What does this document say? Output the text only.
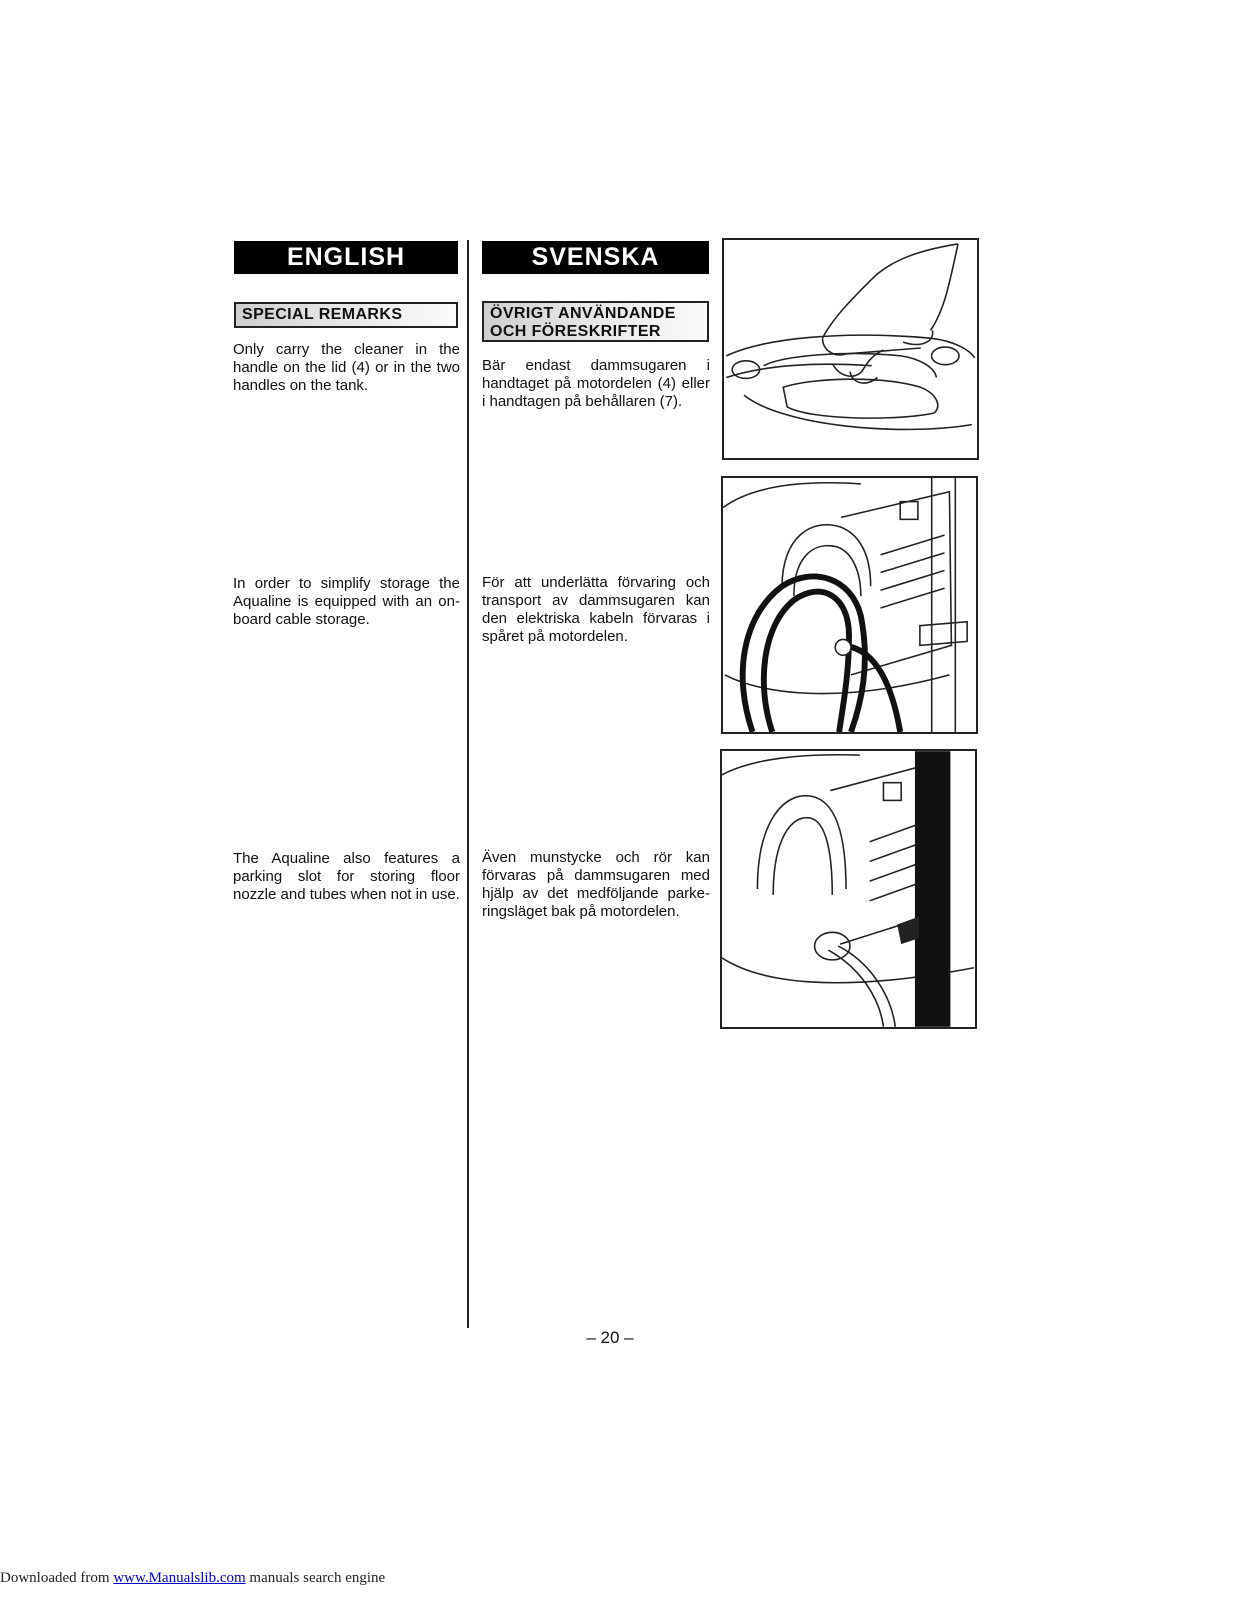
ENGLISH	SVENSKA
SPECIAL REMARKS	ÖVRIGT ANVÄNDANDE
OCH FÖRESKRIFTER

Only carry the cleaner in the handle on the lid (4) or in the two handles on the tank.

In order to simplify storage the Aqualine is equipped with an on-board cable storage.

The Aqualine also features a parking slot for storing floor nozzle and tubes when not in use.

Bär endast dammsugaren i handtaget på motordelen (4) eller i handtagen på behållaren (7).

För att underlätta förvaring och transport av dammsugaren kan den elektriska kabeln förvaras i spåret på motordelen.

Även munstycke och rör kan förvaras på dammsugaren med hjälp av det medföljande parke-ringsläget bak på motordelen.

– 20 –
Downloaded from www.Manualslib.com manuals search engine
